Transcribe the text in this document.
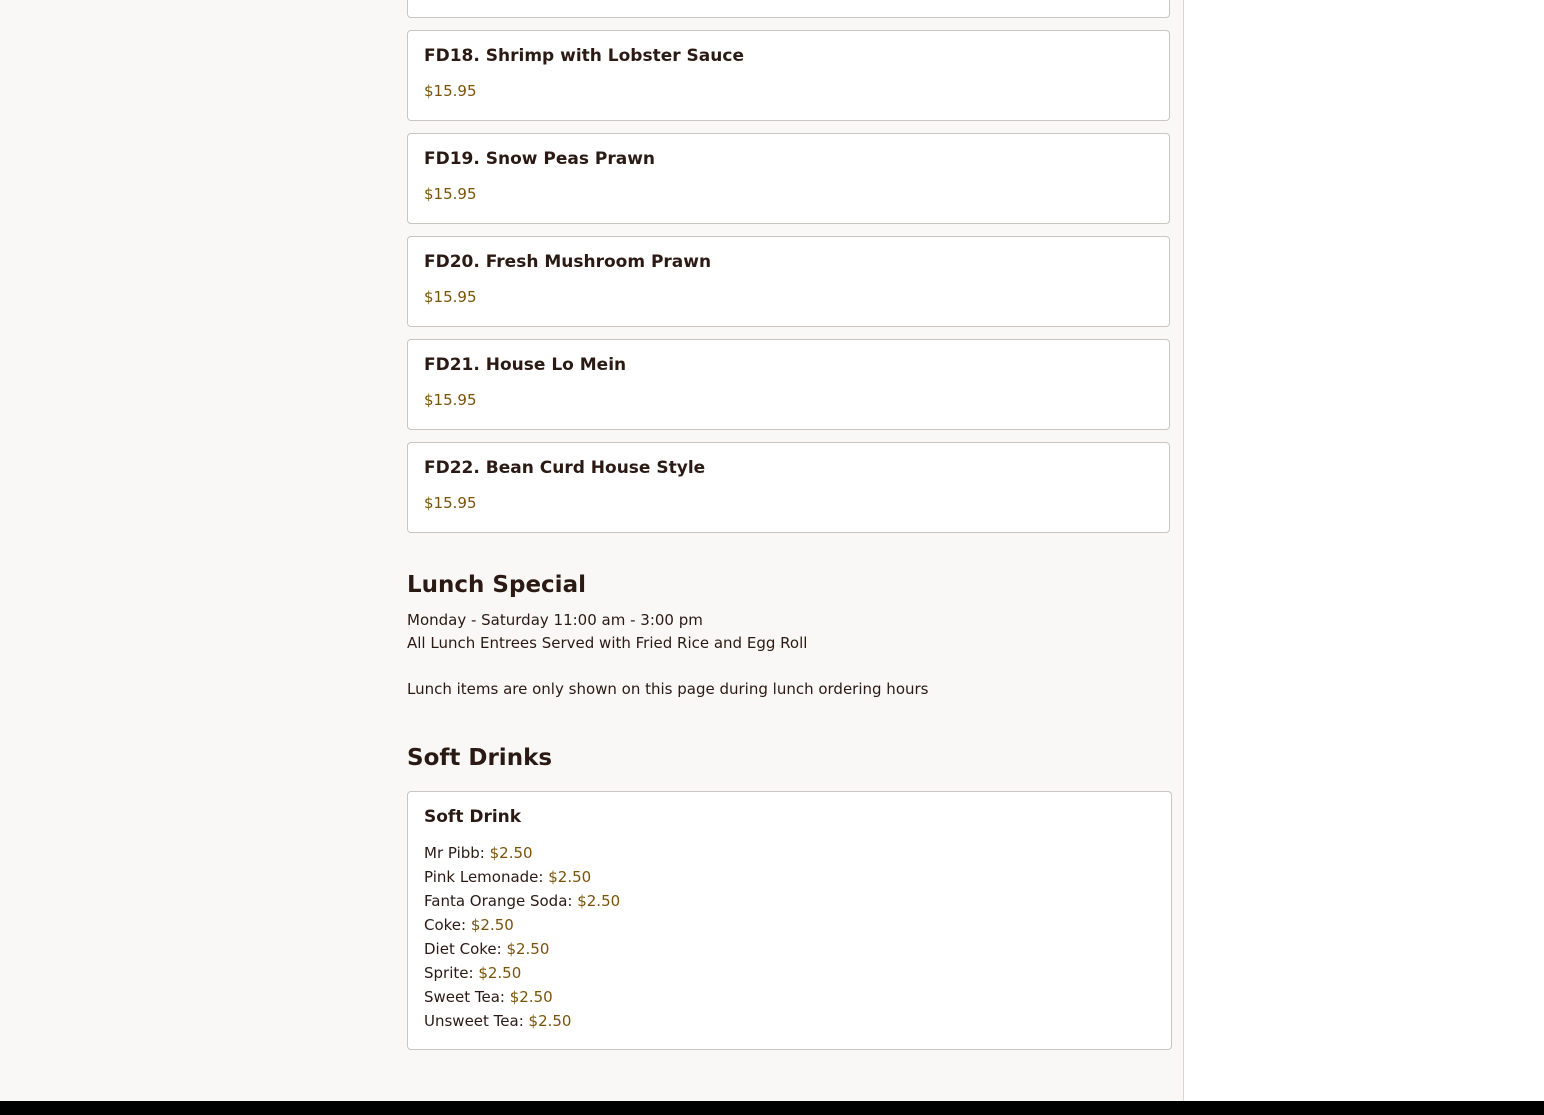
FD18. Shrimp with Lobster Sauce
$15.95
FD19. Snow Peas Prawn
$15.95
FD20. Fresh Mushroom Prawn
$15.95
FD21. House Lo Mein
$15.95
FD22. Bean Curd House Style
$15.95
Lunch Special
Monday - Saturday 11:00 am - 3:00 pm
All Lunch Entrees Served with Fried Rice and Egg Roll
Lunch items are only shown on this page during lunch ordering hours
Soft Drinks
Soft Drink
Mr Pibb: $2.50
Pink Lemonade: $2.50
Fanta Orange Soda: $2.50
Coke: $2.50
Diet Coke: $2.50
Sprite: $2.50
Sweet Tea: $2.50
Unsweet Tea: $2.50
